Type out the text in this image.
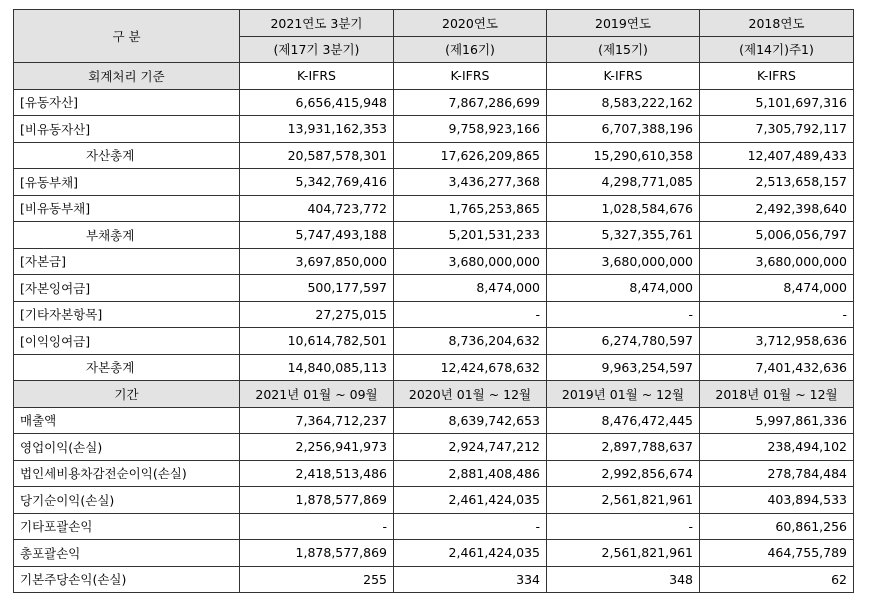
구 분	2021연도 3분기	2020연도	2019연도	2018연도
	(제17기 3분기)	(제16기)	(제15기)	(제14기)주1)
회계처리 기준	K-IFRS	K-IFRS	K-IFRS	K-IFRS
[유동자산]	6,656,415,948	7,867,286,699	8,583,222,162	5,101,697,316
[비유동자산]	13,931,162,353	9,758,923,166	6,707,388,196	7,305,792,117
자산총계	20,587,578,301	17,626,209,865	15,290,610,358	12,407,489,433
[유동부채]	5,342,769,416	3,436,277,368	4,298,771,085	2,513,658,157
[비유동부채]	404,723,772	1,765,253,865	1,028,584,676	2,492,398,640
부채총계	5,747,493,188	5,201,531,233	5,327,355,761	5,006,056,797
[자본금]	3,697,850,000	3,680,000,000	3,680,000,000	3,680,000,000
[자본잉여금]	500,177,597	8,474,000	8,474,000	8,474,000
[기타자본항목]	27,275,015	-	-	-
[이익잉여금]	10,614,782,501	8,736,204,632	6,274,780,597	3,712,958,636
자본총계	14,840,085,113	12,424,678,632	9,963,254,597	7,401,432,636
기간	2021년 01월 ~ 09월	2020년 01월 ~ 12월	2019년 01월 ~ 12월	2018년 01월 ~ 12월
매출액	7,364,712,237	8,639,742,653	8,476,472,445	5,997,861,336
영업이익(손실)	2,256,941,973	2,924,747,212	2,897,788,637	238,494,102
법인세비용차감전순이익(손실)	2,418,513,486	2,881,408,486	2,992,856,674	278,784,484
당기순이익(손실)	1,878,577,869	2,461,424,035	2,561,821,961	403,894,533
기타포괄손익	-	-	-	60,861,256
총포괄손익	1,878,577,869	2,461,424,035	2,561,821,961	464,755,789
기본주당손익(손실)	255	334	348	62
